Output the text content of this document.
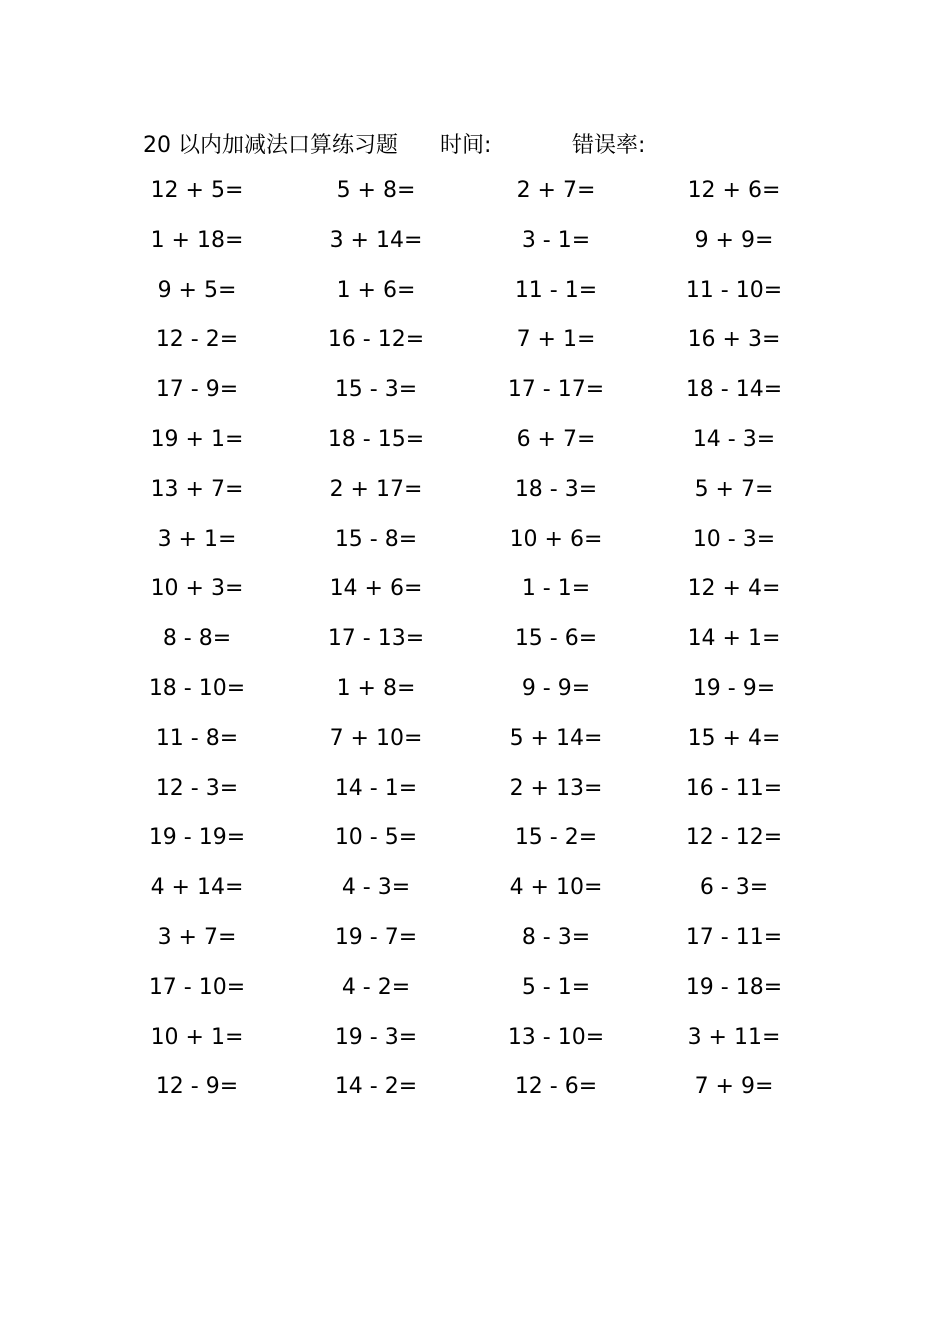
20 以内加减法口算练习题 时间:	错误率:
12 + 5=	5 + 8=	2 + 7=	12 + 6=
1 + 18=	3 + 14=	3 - 1=	9 + 9=
9 + 5=	1 + 6=	11 - 1=	11 - 10=
12 - 2=	16 - 12=	7 + 1=	16 + 3=
17 - 9=	15 - 3=	17 - 17=	18 - 14=
19 + 1=	18 - 15=	6 + 7=	14 - 3=
13 + 7=	2 + 17=	18 - 3=	5 + 7=
3 + 1=	15 - 8=	10 + 6=	10 - 3=
10 + 3=	14 + 6=	1 - 1=	12 + 4=
8 - 8=	17 - 13=	15 - 6=	14 + 1=
18 - 10=	1 + 8=	9 - 9=	19 - 9=
11 - 8=	7 + 10=	5 + 14=	15 + 4=
12 - 3=	14 - 1=	2 + 13=	16 - 11=
19 - 19=	10 - 5=	15 - 2=	12 - 12=
4 + 14=	4 - 3=	4 + 10=	6 - 3=
3 + 7=	19 - 7=	8 - 3=	17 - 11=
17 - 10=	4 - 2=	5 - 1=	19 - 18=
10 + 1=	19 - 3=	13 - 10=	3 + 11=
12 - 9=	14 - 2=	12 - 6=	7 + 9=
